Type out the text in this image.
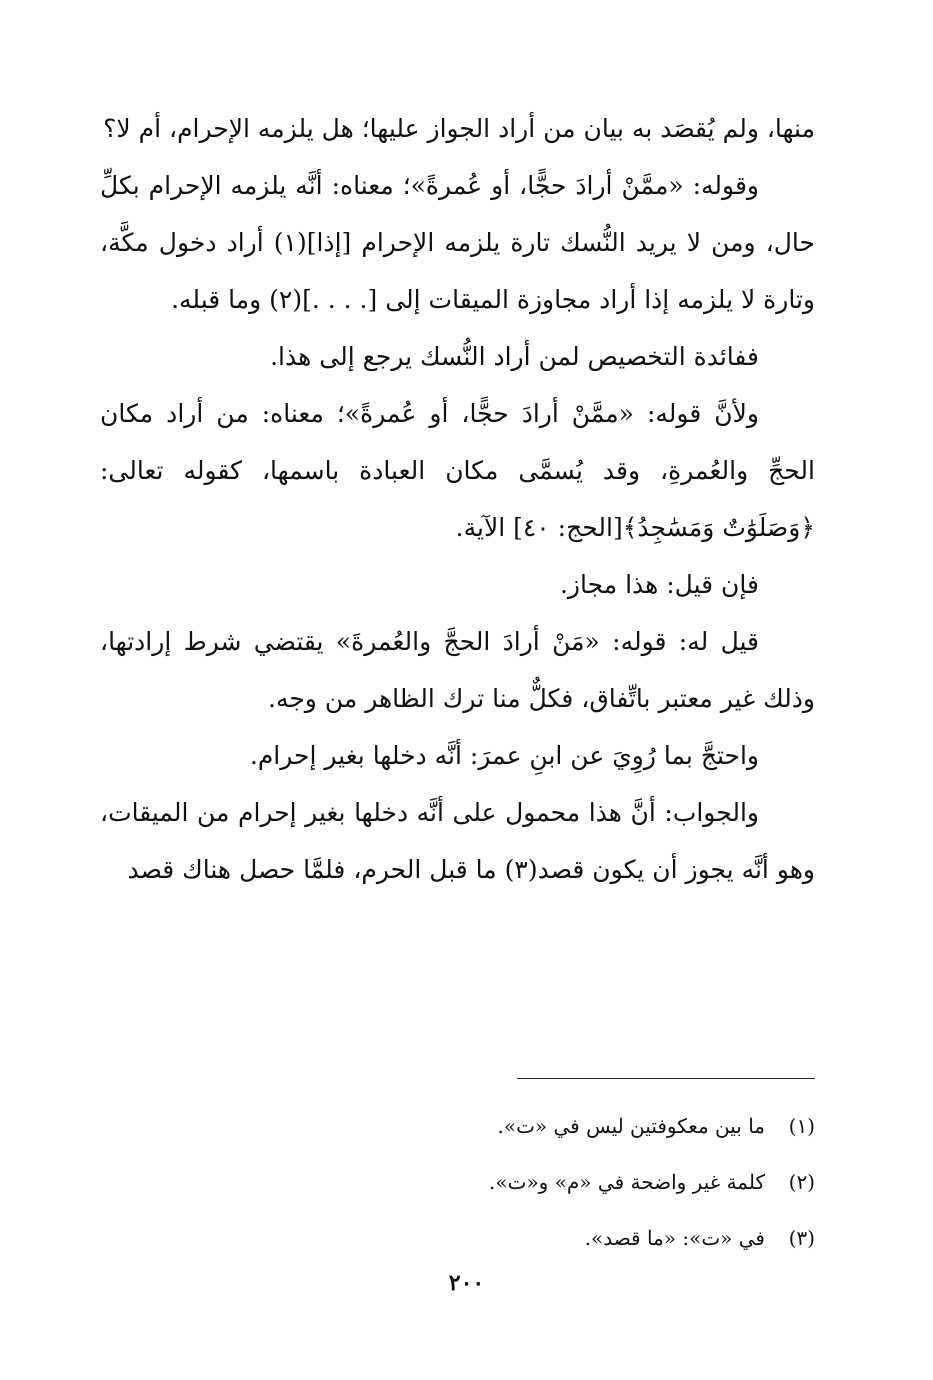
منها، ولم يُقصَد به بيان من أراد الجواز عليها؛ هل يلزمه الإحرام، أم لا؟

وقوله: «ممَّنْ أرادَ حجًّا، أو عُمرةً»؛ معناه: أنَّه يلزمه الإحرام بكلِّ حال، ومن لا يريد النُّسك تارة يلزمه الإحرام [إذا](١) أراد دخول مكَّة، وتارة لا يلزمه إذا أراد مجاوزة الميقات إلى [. . . .](٢) وما قبله.

ففائدة التخصيص لمن أراد النُّسك يرجع إلى هذا.

ولأنَّ قوله: «ممَّنْ أرادَ حجًّا، أو عُمرةً»؛ معناه: من أراد مكان الحجِّ والعُمرةِ، وقد يُسمَّى مكان العبادة باسمها، كقوله تعالى: ﴿وَصَلَوَٰتٌ وَمَسَٰجِدُ﴾[الحج: ٤٠] الآية.

فإن قيل: هذا مجاز.

قيل له: قوله: «مَنْ أرادَ الحجَّ والعُمرةَ» يقتضي شرط إرادتها، وذلك غير معتبر باتِّفاق، فكلٌّ منا ترك الظاهر من وجه.

واحتجَّ بما رُوِيَ عن ابنِ عمرَ: أنَّه دخلها بغير إحرام.

والجواب: أنَّ هذا محمول على أنَّه دخلها بغير إحرام من الميقات، وهو أنَّه يجوز أن يكون قصد(٣) ما قبل الحرم، فلمَّا حصل هناك قصد

(١)ما بين معكوفتين ليس في «ت».

(٢)كلمة غير واضحة في «م» و«ت».

(٣)في «ت»: «ما قصد».

٢٠٠
